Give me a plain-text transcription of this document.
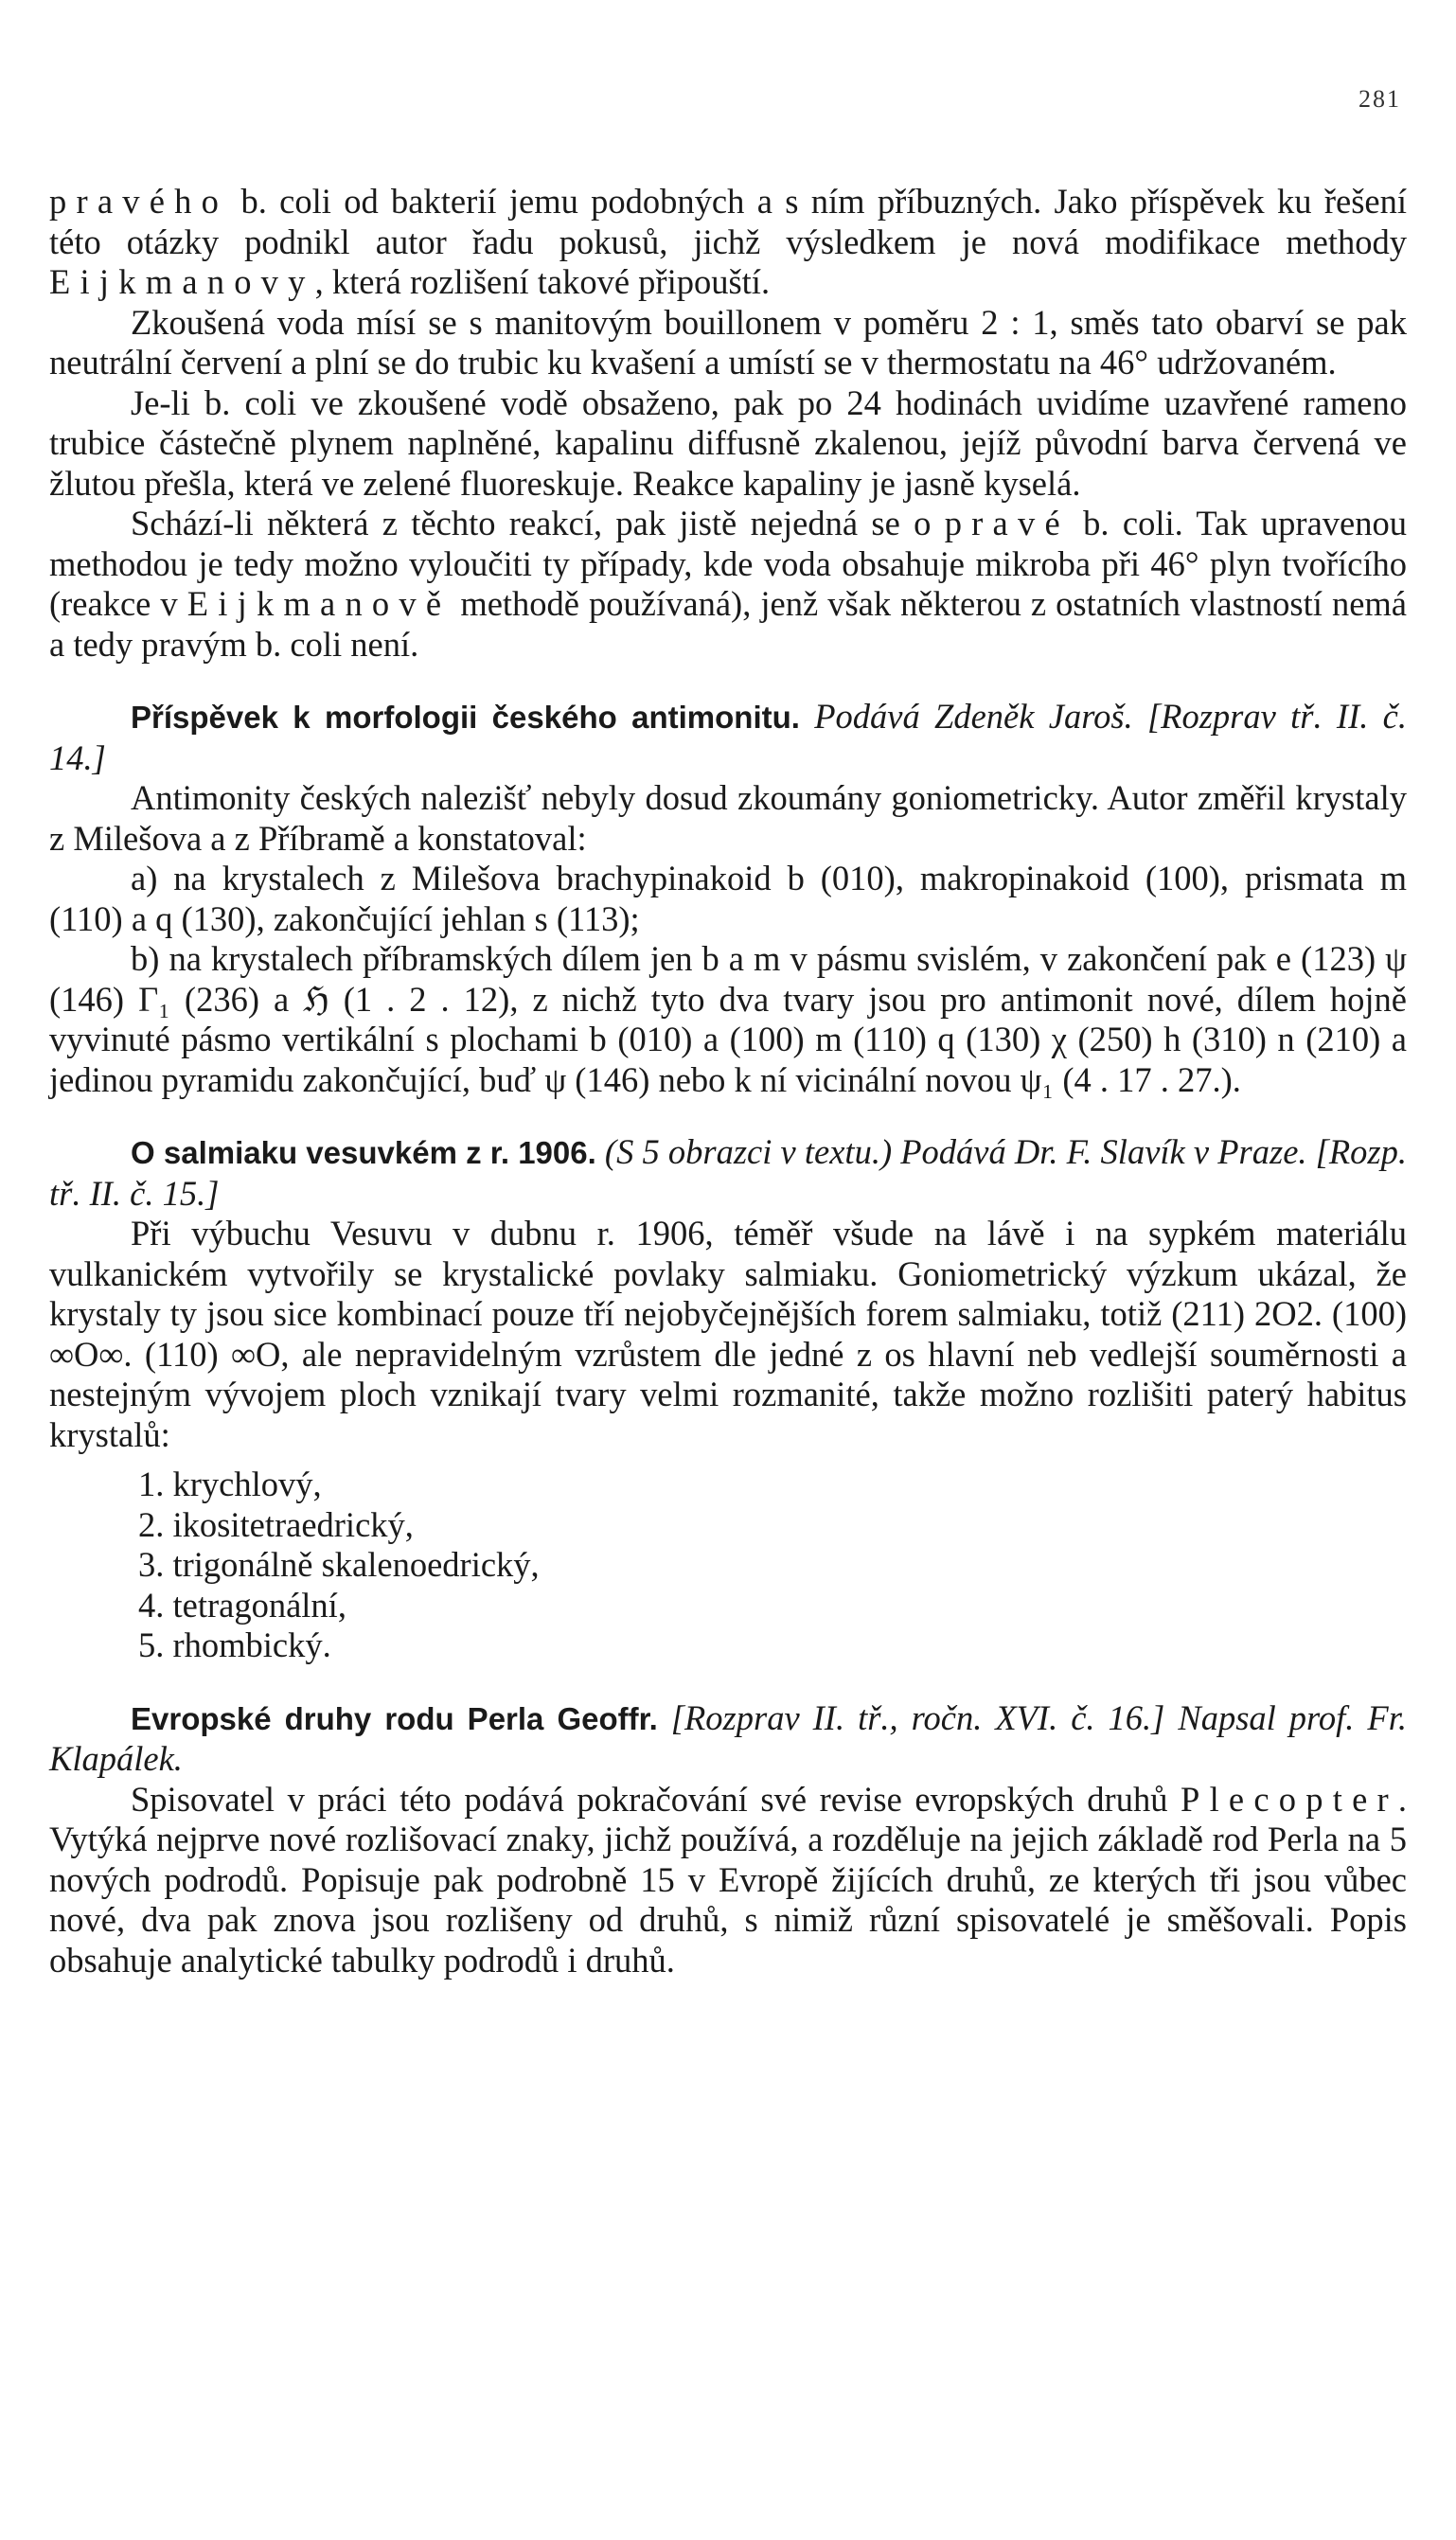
281

pravého b. coli od bakterií jemu podobných a s ním příbuzných. Jako příspěvek ku řešení této otázky podnikl autor řadu pokusů, jichž výsledkem je nová modifikace methody Eijkmanovy, která rozlišení takové připouští.

Zkoušená voda mísí se s manitovým bouillonem v poměru 2 : 1, směs tato obarví se pak neutrální červení a plní se do trubic ku kvašení a umístí se v thermostatu na 46° udržovaném.

Je-li b. coli ve zkoušené vodě obsaženo, pak po 24 hodinách uvidíme uzavřené rameno trubice částečně plynem naplněné, kapalinu diffusně zkalenou, jejíž původní barva červená ve žlutou přešla, která ve zelené fluoreskuje. Reakce kapaliny je jasně kyselá.

Schází-li některá z těchto reakcí, pak jistě nejedná se o pravé b. coli. Tak upravenou methodou je tedy možno vyloučiti ty případy, kde voda obsahuje mikroba při 46° plyn tvořícího (reakce v Eijkmanově methodě používaná), jenž však některou z ostatních vlastností nemá a tedy pravým b. coli není.

Příspěvek k morfologii českého antimonitu. Podává Zdeněk Jaroš. [Rozprav tř. II. č. 14.]

Antimonity českých nalezišť nebyly dosud zkoumány goniometricky. Autor změřil krystaly z Milešova a z Příbramě a konstatoval:

a) na krystalech z Milešova brachypinakoid b (010), makropinakoid (100), prismata m (110) a q (130), zakončující jehlan s (113);

b) na krystalech příbramských dílem jen b a m v pásmu svislém, v zakončení pak e (123) ψ (146) Γ₁ (236) a ℌ (1 . 2 . 12), z nichž tyto dva tvary jsou pro antimonit nové, dílem hojně vyvinuté pásmo vertikální s plochami b (010) a (100) m (110) q (130) χ (250) h (310) n (210) a jedinou pyramidu zakončující, buď ψ (146) nebo k ní vicinální novou ψ₁ (4 . 17 . 27.).

O salmiaku vesuvkém z r. 1906. (S 5 obrazci v textu.) Podává Dr. F. Slavík v Praze. [Rozp. tř. II. č. 15.]

Při výbuchu Vesuvu v dubnu r. 1906, téměř všude na lávě i na sypkém materiálu vulkanickém vytvořily se krystalické povlaky salmiaku. Goniometrický výzkum ukázal, že krystaly ty jsou sice kombinací pouze tří nejobyčejnějších forem salmiaku, totiž (211) 2O2. (100) ∞O∞. (110) ∞O, ale nepravidelným vzrůstem dle jedné z os hlavní neb vedlejší souměrnosti a nestejným vývojem ploch vznikají tvary velmi rozmanité, takže možno rozlišiti paterý habitus krystalů:

1. krychlový,
2. ikositetraedrický,
3. trigonálně skalenoedrický,
4. tetragonální,
5. rhombický.

Evropské druhy rodu Perla Geoffr. [Rozprav II. tř., ročn. XVI. č. 16.] Napsal prof. Fr. Klapálek.

Spisovatel v práci této podává pokračování své revise evropských druhů Plecopter. Vytýká nejprve nové rozlišovací znaky, jichž používá, a rozděluje na jejich základě rod Perla na 5 nových podrodů. Popisuje pak podrobně 15 v Evropě žijících druhů, ze kterých tři jsou vůbec nové, dva pak znova jsou rozlišeny od druhů, s nimiž různí spisovatelé je směšovali. Popis obsahuje analytické tabulky podrodů i druhů.
